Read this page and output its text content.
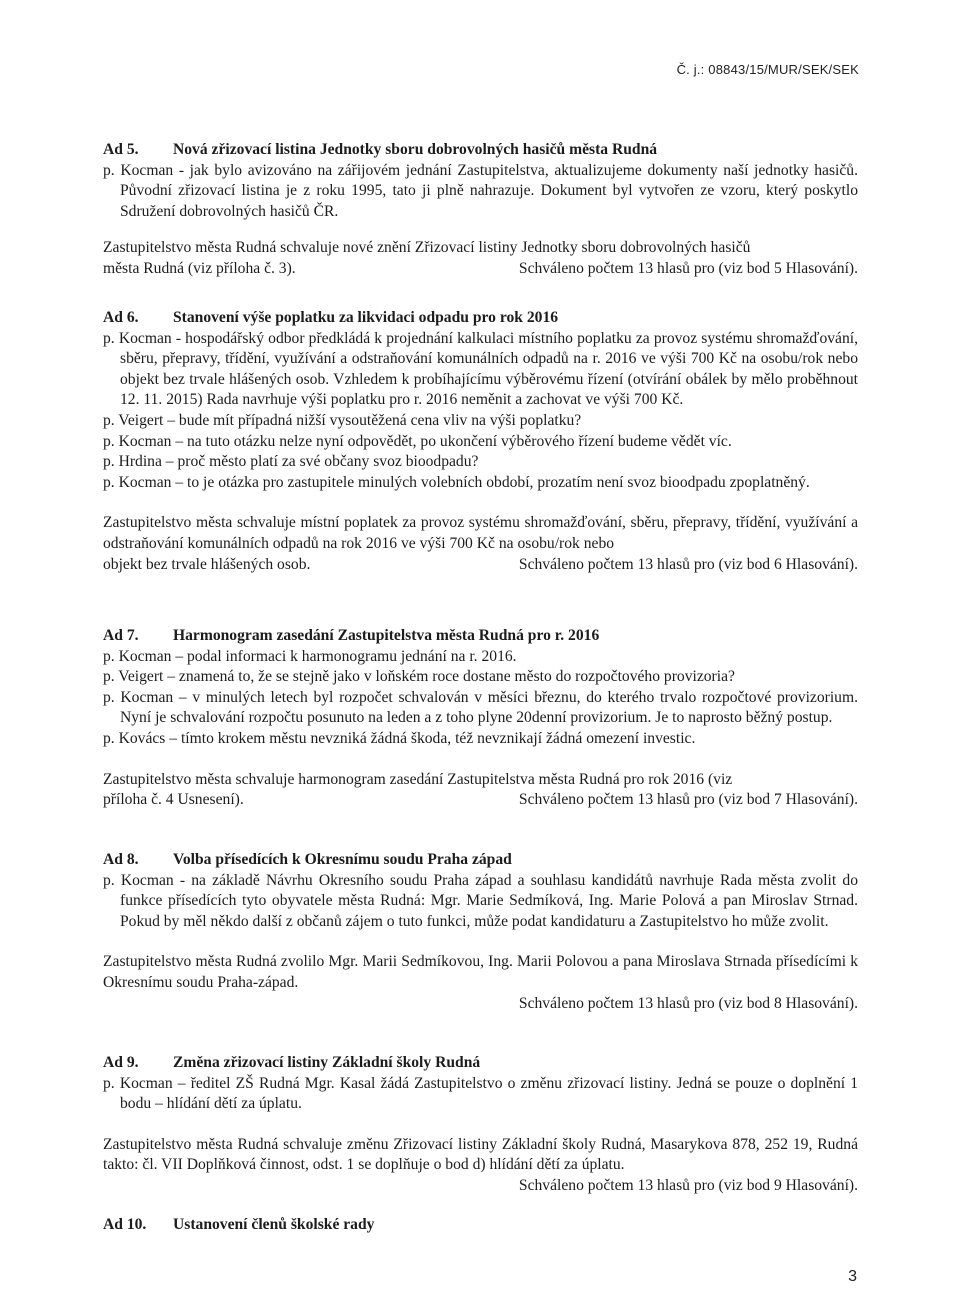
Č. j.: 08843/15/MUR/SEK/SEK
Ad 5. Nová zřizovací listina Jednotky sboru dobrovolných hasičů města Rudná

p. Kocman - jak bylo avizováno na zářijovém jednání Zastupitelstva, aktualizujeme dokumenty naší jednotky hasičů. Původní zřizovací listina je z roku 1995, tato ji plně nahrazuje. Dokument byl vytvořen ze vzoru, který poskytlo Sdružení dobrovolných hasičů ČR.

Zastupitelstvo města Rudná schvaluje nové znění Zřizovací listiny Jednotky sboru dobrovolných hasičů

města Rudná (viz příloha č. 3).	Schváleno počtem 13 hlasů pro (viz bod 5 Hlasování).
Ad 6. Stanovení výše poplatku za likvidaci odpadu pro rok 2016

p. Kocman - hospodářský odbor předkládá k projednání kalkulaci místního poplatku za provoz systému shromažďování, sběru, přepravy, třídění, využívání a odstraňování komunálních odpadů na r. 2016 ve výši 700 Kč na osobu/rok nebo objekt bez trvale hlášených osob. Vzhledem k probíhajícímu výběrovému řízení (otvírání obálek by mělo proběhnout 12. 11. 2015) Rada navrhuje výši poplatku pro r. 2016 neměnit a zachovat ve výši 700 Kč.

p. Veigert – bude mít případná nižší vysoutěžená cena vliv na výši poplatku?

p. Kocman – na tuto otázku nelze nyní odpovědět, po ukončení výběrového řízení budeme vědět víc.

p. Hrdina – proč město platí za své občany svoz bioodpadu?

p. Kocman – to je otázka pro zastupitele minulých volebních období, prozatím není svoz bioodpadu zpoplatněný.

Zastupitelstvo města schvaluje místní poplatek za provoz systému shromažďování, sběru, přepravy, třídění, využívání a odstraňování komunálních odpadů na rok 2016 ve výši 700 Kč na osobu/rok nebo

objekt bez trvale hlášených osob.	Schváleno počtem 13 hlasů pro (viz bod 6 Hlasování).
Ad 7. Harmonogram zasedání Zastupitelstva města Rudná pro r. 2016

p. Kocman – podal informaci k harmonogramu jednání na r. 2016.

p. Veigert – znamená to, že se stejně jako v loňském roce dostane město do rozpočtového provizoria?

p. Kocman – v minulých letech byl rozpočet schvalován v měsíci březnu, do kterého trvalo rozpočtové provizorium. Nyní je schvalování rozpočtu posunuto na leden a z toho plyne 20denní provizorium. Je to naprosto běžný postup.

p. Kovács – tímto krokem městu nevzniká žádná škoda, též nevznikají žádná omezení investic.

Zastupitelstvo města schvaluje harmonogram zasedání Zastupitelstva města Rudná pro rok 2016 (viz

příloha č. 4 Usnesení).	Schváleno počtem 13 hlasů pro (viz bod 7 Hlasování).
Ad 8. Volba přísedících k Okresnímu soudu Praha západ

p. Kocman - na základě Návrhu Okresního soudu Praha západ a souhlasu kandidátů navrhuje Rada města zvolit do funkce přísedících tyto obyvatele města Rudná: Mgr. Marie Sedmíková, Ing. Marie Polová a pan Miroslav Strnad. Pokud by měl někdo další z občanů zájem o tuto funkci, může podat kandidaturu a Zastupitelstvo ho může zvolit.

Zastupitelstvo města Rudná zvolilo Mgr. Marii Sedmíkovou, Ing. Marii Polovou a pana Miroslava Strnada přísedícími k Okresnímu soudu Praha-západ.

Schváleno počtem 13 hlasů pro (viz bod 8 Hlasování).

Ad 9. Změna zřizovací listiny Základní školy Rudná

p. Kocman – ředitel ZŠ Rudná Mgr. Kasal žádá Zastupitelstvo o změnu zřizovací listiny. Jedná se pouze o doplnění 1 bodu – hlídání dětí za úplatu.

Zastupitelstvo města Rudná schvaluje změnu Zřizovací listiny Základní školy Rudná, Masarykova 878, 252 19, Rudná takto: čl. VII Doplňková činnost, odst. 1 se doplňuje o bod d) hlídání dětí za úplatu.

Schváleno počtem 13 hlasů pro (viz bod 9 Hlasování).

Ad 10. Ustanovení členů školské rady
3
